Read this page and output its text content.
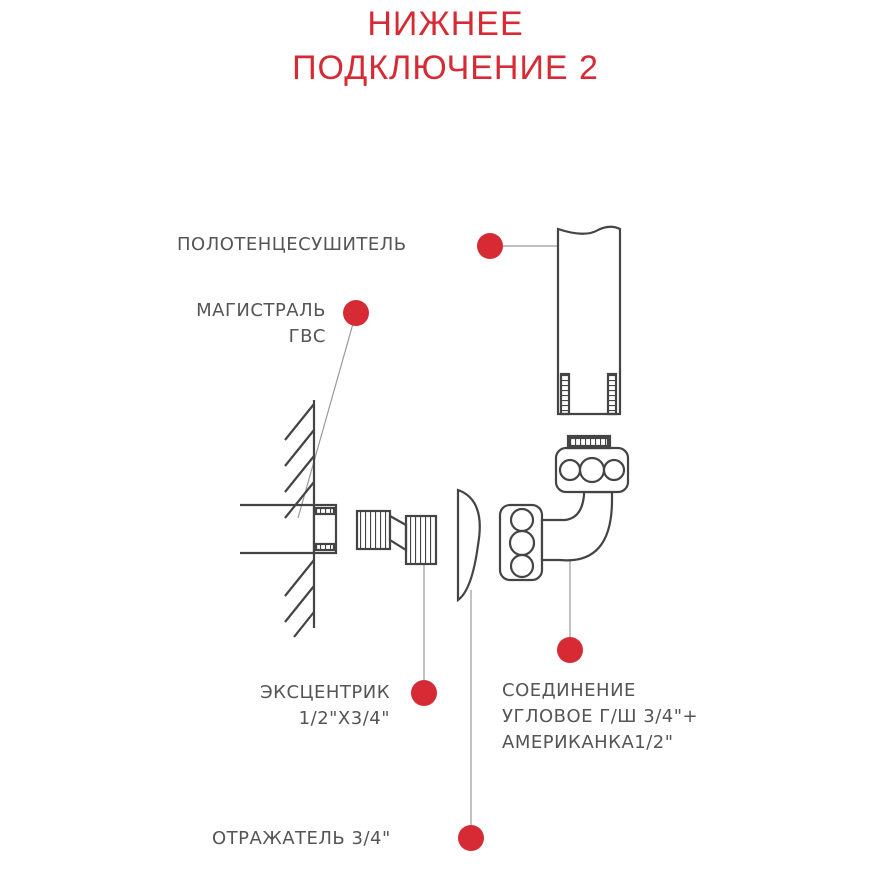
НИЖНЕЕ
ПОДКЛЮЧЕНИЕ 2
ПОЛОТЕНЦЕСУШИТЕЛЬ
МАГИСТРАЛЬ
ГВС
ЭКСЦЕНТРИК
1/2"X3/4"
ОТРАЖАТЕЛЬ 3/4"
СОЕДИНЕНИЕ
УГЛОВОЕ Г/Ш 3/4"+
АМЕРИКАНКА1/2"
